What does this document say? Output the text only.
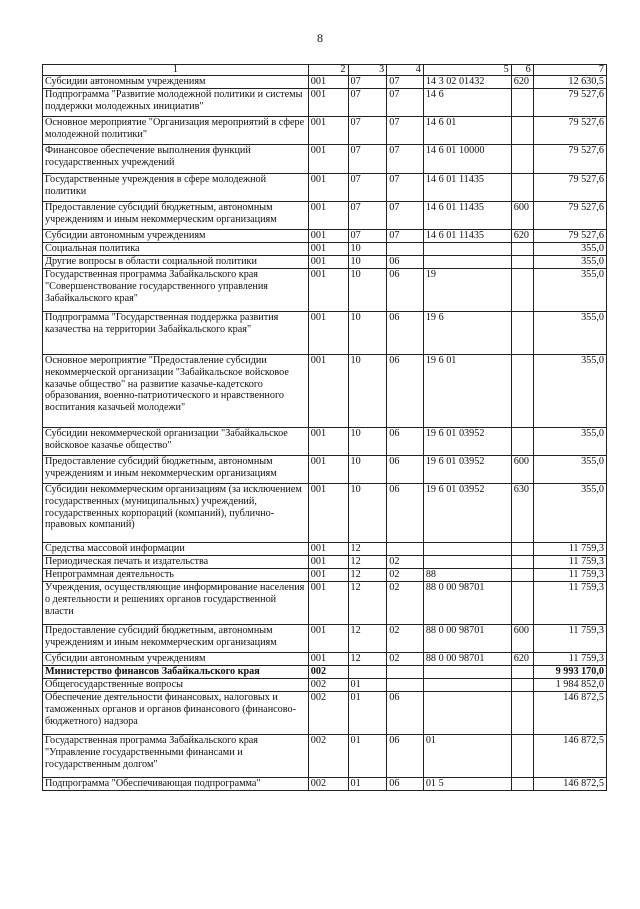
8
1	2	3	4	5	6	7
Субсидии автономным учреждениям	001	07	07	14 3 02 01432	620	12 630,5
Подпрограмма "Развитие молодежной политики и системы поддержки молодежных инициатив"	001	07	07	14 6		79 527,6
Основное мероприятие "Организация мероприятий в сфере молодежной политики"	001	07	07	14 6 01		79 527,6
Финансовое обеспечение выполнения функций государственных учреждений	001	07	07	14 6 01 10000		79 527,6
Государственные учреждения в сфере молодежной политики	001	07	07	14 6 01 11435		79 527,6
Предоставление субсидий бюджетным, автономным учреждениям и иным некоммерческим организациям	001	07	07	14 6 01 11435	600	79 527,6
Субсидии автономным учреждениям	001	07	07	14 6 01 11435	620	79 527,6
Социальная политика	001	10				355,0
Другие вопросы в области социальной политики	001	10	06			355,0
Государственная программа Забайкальского края "Совершенствование государственного управления Забайкальского края"	001	10	06	19		355,0
Подпрограмма "Государственная поддержка развития казачества на территории Забайкальского края"	001	10	06	19 6		355,0
Основное мероприятие "Предоставление субсидии некоммерческой организации "Забайкальское войсковое казачье общество" на развитие казачье-кадетского образования, военно-патриотического и нравственного воспитания казачьей молодежи"	001	10	06	19 6 01		355,0
Субсидии некоммерческой организации "Забайкальское войсковое казачье общество"	001	10	06	19 6 01 03952		355,0
Предоставление субсидий бюджетным, автономным учреждениям и иным некоммерческим организациям	001	10	06	19 6 01 03952	600	355,0
Субсидии некоммерческим организациям (за исключением государственных (муниципальных) учреждений, государственных корпораций (компаний), публично-правовых компаний)	001	10	06	19 6 01 03952	630	355,0
Средства массовой информации	001	12				11 759,3
Периодическая печать и издательства	001	12	02			11 759,3
Непрограммная деятельность	001	12	02	88		11 759,3
Учреждения, осуществляющие информирование населения о деятельности и решениях органов государственной власти	001	12	02	88 0 00 98701		11 759,3
Предоставление субсидий бюджетным, автономным учреждениям и иным некоммерческим организациям	001	12	02	88 0 00 98701	600	11 759,3
Субсидии автономным учреждениям	001	12	02	88 0 00 98701	620	11 759,3
Министерство финансов Забайкальского края	002					9 993 170,0
Общегосударственные вопросы	002	01				1 984 852,0
Обеспечение деятельности финансовых, налоговых и таможенных органов и органов финансового (финансово-бюджетного) надзора	002	01	06			146 872,5
Государственная программа Забайкальского края "Управление государственными финансами и государственным долгом"	002	01	06	01		146 872,5
Подпрограмма "Обеспечивающая подпрограмма"	002	01	06	01 5		146 872,5
